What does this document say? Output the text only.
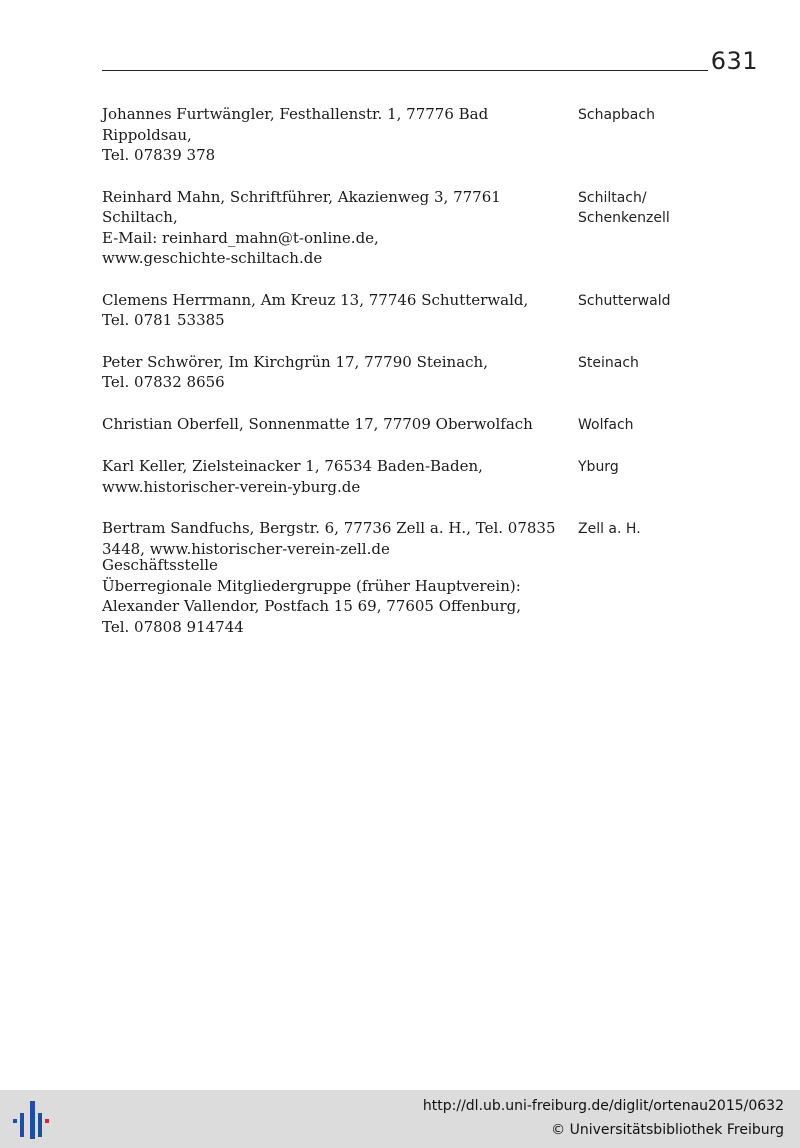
631
Johannes Furtwängler, Festhallenstr. 1, 77776 Bad Rippoldsau,
Tel. 07839 378
Schapbach
Reinhard Mahn, Schriftführer, Akazienweg 3, 77761 Schiltach,
E-Mail: reinhard_mahn@t-online.de,
www.geschichte-schiltach.de
Schiltach/
Schenkenzell
Clemens Herrmann, Am Kreuz 13, 77746 Schutterwald,
Tel. 0781 53385
Schutterwald
Peter Schwörer, Im Kirchgrün 17, 77790 Steinach,
Tel. 07832 8656
Steinach
Christian Oberfell, Sonnenmatte 17, 77709 Oberwolfach	Wolfach
Karl Keller, Zielsteinacker 1, 76534 Baden-Baden,
www.historischer-verein-yburg.de
Yburg
Bertram Sandfuchs, Bergstr. 6, 77736 Zell a. H., Tel. 07835
3448, www.historischer-verein-zell.de
Zell a. H.
Geschäftsstelle
Überregionale Mitgliedergruppe (früher Hauptverein):
Alexander Vallendor, Postfach 15 69, 77605 Offenburg,
Tel. 07808 914744
http://dl.ub.uni-freiburg.de/diglit/ortenau2015/0632
© Universitätsbibliothek Freiburg
